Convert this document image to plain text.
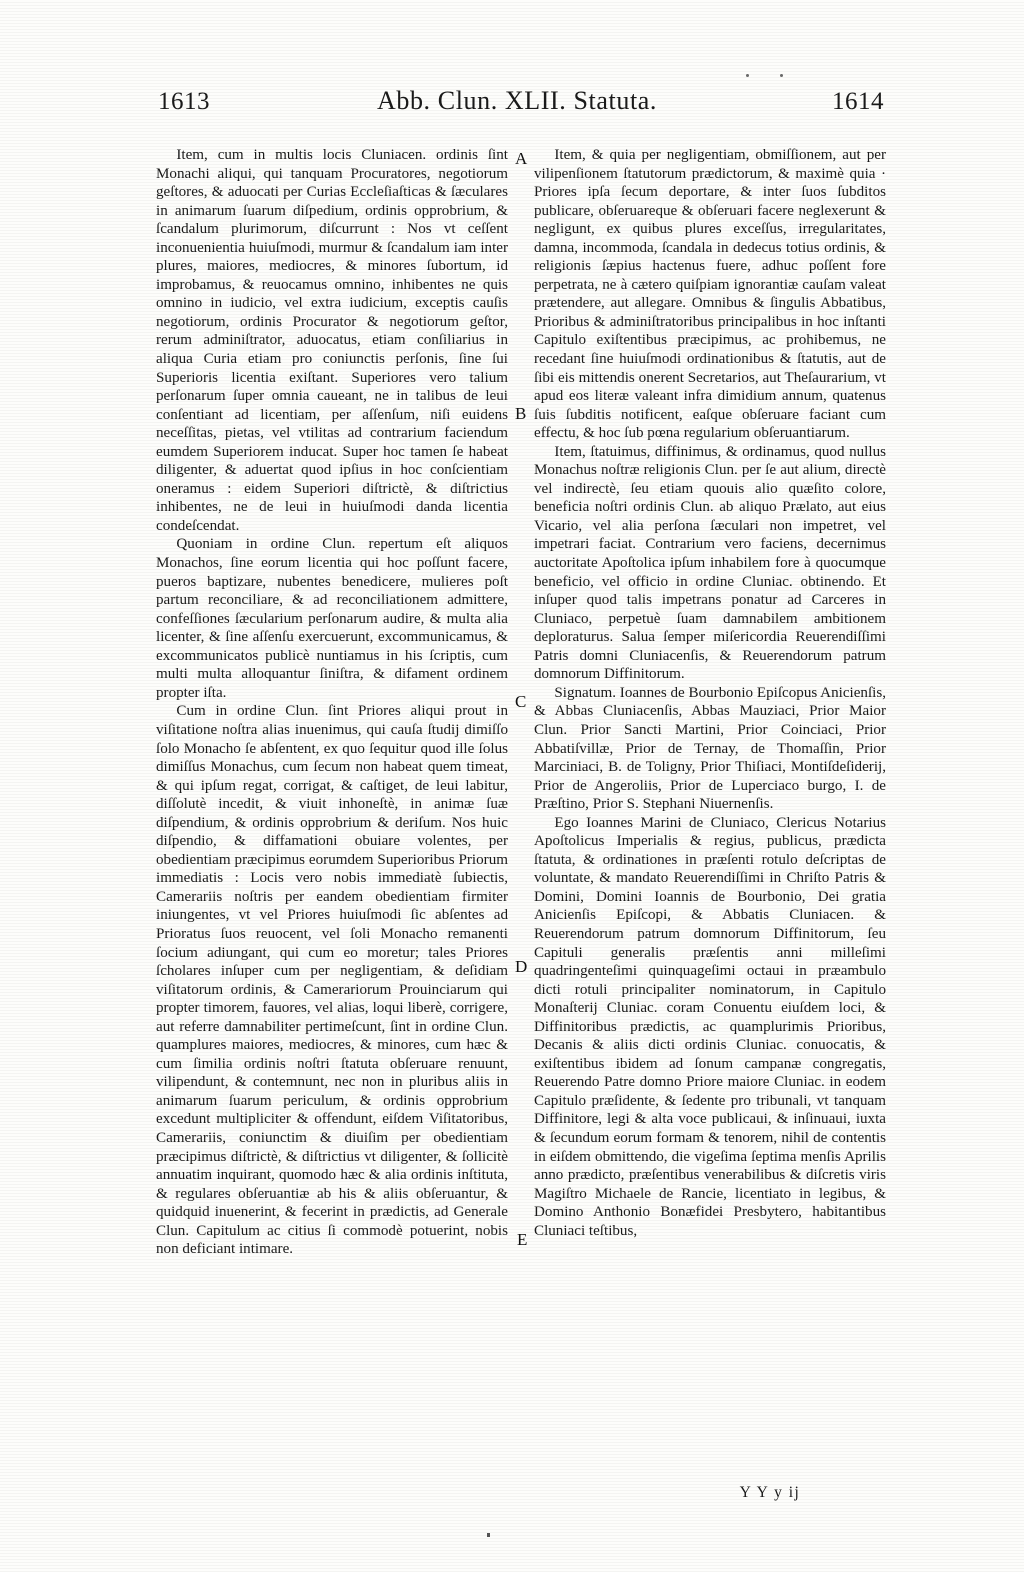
1613	Abb. Clun. XLII. Statuta.	1614

Item, cum in multis locis Cluniacen. ordinis ſint Monachi aliqui, qui tanquam Procuratores, negotiorum geſtores, & aduocati per Curias Eccleſiaſticas & ſæculares in animarum ſuarum diſpedium, ordinis opprobrium, & ſcandalum plurimorum, diſcurrunt : Nos vt ceſſent inconuenientia huiuſmodi, murmur & ſcandalum iam inter plures, maiores, mediocres, & minores ſubortum, id improbamus, & reuocamus omnino, inhibentes ne quis omnino in iudicio, vel extra iudicium, exceptis cauſis negotiorum, ordinis Procurator & negotiorum geſtor, rerum adminiſtrator, aduocatus, etiam conſiliarius in aliqua Curia etiam pro coniunctis perſonis, ſine ſui Superioris licentia exiſtant. Superiores vero talium perſonarum ſuper omnia caueant, ne in talibus de leui conſentiant ad licentiam, per aſſenſum, niſi euidens neceſſitas, pietas, vel vtilitas ad contrarium faciendum eumdem Superiorem inducat. Super hoc tamen ſe habeat diligenter, & aduertat quod ipſius in hoc conſcientiam oneramus : eidem Superiori diſtrictè, & diſtrictius inhibentes, ne de leui in huiuſmodi danda licentia condeſcendat.

Quoniam in ordine Clun. repertum eſt aliquos Monachos, ſine eorum licentia qui hoc poſſunt facere, pueros baptizare, nubentes benedicere, mulieres poſt partum reconciliare, & ad reconciliationem admittere, confeſſiones ſæcularium perſonarum audire, & multa alia licenter, & ſine aſſenſu exercuerunt, excommunicamus, & excommunicatos publicè nuntiamus in his ſcriptis, cum multi multa alloquantur ſiniſtra, & difament ordinem propter iſta.

Cum in ordine Clun. ſint Priores aliqui prout in viſitatione noſtra alias inuenimus, qui cauſa ſtudij dimiſſo ſolo Monacho ſe abſentent, ex quo ſequitur quod ille ſolus dimiſſus Monachus, cum ſecum non habeat quem timeat, & qui ipſum regat, corrigat, & caſtiget, de leui labitur, diſſolutè incedit, & viuit inhoneſtè, in animæ ſuæ diſpendium, & ordinis opprobrium & deriſum. Nos huic diſpendio, & diffamationi obuiare volentes, per obedientiam præcipimus eorumdem Superioribus Priorum immediatis : Locis vero nobis immediatè ſubiectis, Camerariis noſtris per eandem obedientiam firmiter iniungentes, vt vel Priores huiuſmodi ſic abſentes ad Prioratus ſuos reuocent, vel ſoli Monacho remanenti ſocium adiungant, qui cum eo moretur; tales Priores ſcholares inſuper cum per negligentiam, & deſidiam viſitatorum ordinis, & Camerariorum Prouinciarum qui propter timorem, fauores, vel alias, loqui liberè, corrigere, aut referre damnabiliter pertimeſcunt, ſint in ordine Clun. quamplures maiores, mediocres, & minores, cum hæc & cum ſimilia ordinis noſtri ſtatuta obſeruare renuunt, vilipendunt, & contemnunt, nec non in pluribus aliis in animarum ſuarum periculum, & ordinis opprobrium excedunt multipliciter & offendunt, eiſdem Viſitatoribus, Camerariis, coniunctim & diuiſim per obedientiam præcipimus diſtrictè, & diſtrictius vt diligenter, & ſollicitè annuatim inquirant, quomodo hæc & alia ordinis inſtituta, & regulares obſeruantiæ ab his & aliis obſeruantur, & quidquid inuenerint, & fecerint in prædictis, ad Generale Clun. Capitulum ac citius ſi commodè potuerint, nobis non deficiant intimare.

Item, & quia per negligentiam, obmiſſionem, aut per vilipenſionem ſtatutorum prædictorum, & maximè quia · Priores ipſa ſecum deportare, & inter ſuos ſubditos publicare, obſeruareque & obſeruari facere neglexerunt & negligunt, ex quibus plures exceſſus, irregularitates, damna, incommoda, ſcandala in dedecus totius ordinis, & religionis ſæpius hactenus fuere, adhuc poſſent fore perpetrata, ne à cætero quiſpiam ignorantiæ cauſam valeat prætendere, aut allegare. Omnibus & ſingulis Abbatibus, Prioribus & adminiſtratoribus principalibus in hoc inſtanti Capitulo exiſtentibus præcipimus, ac prohibemus, ne recedant ſine huiuſmodi ordinationibus & ſtatutis, aut de ſibi eis mittendis onerent Secretarios, aut Theſaurarium, vt apud eos literæ valeant infra dimidium annum, quatenus ſuis ſubditis notificent, eaſque obſeruare faciant cum effectu, & hoc ſub pœna regularium obſeruantiarum.

Item, ſtatuimus, diffinimus, & ordinamus, quod nullus Monachus noſtræ religionis Clun. per ſe aut alium, directè vel indirectè, ſeu etiam quouis alio quæſito colore, beneficia noſtri ordinis Clun. ab aliquo Prælato, aut eius Vicario, vel alia perſona ſæculari non impetret, vel impetrari faciat. Contrarium vero faciens, decernimus auctoritate Apoſtolica ipſum inhabilem fore à quocumque beneficio, vel officio in ordine Cluniac. obtinendo. Et inſuper quod talis impetrans ponatur ad Carceres in Cluniaco, perpetuè ſuam damnabilem ambitionem deploraturus. Salua ſemper miſericordia Reuerendiſſimi Patris domni Cluniacenſis, & Reuerendorum patrum domnorum Diffinitorum.

Signatum. Ioannes de Bourbonio Epiſcopus Anicienſis, & Abbas Cluniacenſis, Abbas Mauziaci, Prior Maior Clun. Prior Sancti Martini, Prior Coinciaci, Prior Abbatiſvillæ, Prior de Ternay, de Thomaſſin, Prior Marciniaci, B. de Toligny, Prior Thiſiaci, Montiſdeſiderij, Prior de Angeroliis, Prior de Luperciaco burgo, I. de Præſtino, Prior S. Stephani Niuernenſis.

Ego Ioannes Marini de Cluniaco, Clericus Notarius Apoſtolicus Imperialis & regius, publicus, prædicta ſtatuta, & ordinationes in præſenti rotulo deſcriptas de voluntate, & mandato Reuerendiſſimi in Chriſto Patris & Domini, Domini Ioannis de Bourbonio, Dei gratia Anicienſis Epiſcopi, & Abbatis Cluniacen. & Reuerendorum patrum domnorum Diffinitorum, ſeu Capituli generalis præſentis anni milleſimi quadringenteſimi quinquageſimi octaui in præambulo dicti rotuli principaliter nominatorum, in Capitulo Monaſterij Cluniac. coram Conuentu eiuſdem loci, & Diffinitoribus prædictis, ac quamplurimis Prioribus, Decanis & aliis dicti ordinis Cluniac. conuocatis, & exiſtentibus ibidem ad ſonum campanæ congregatis, Reuerendo Patre domno Priore maiore Cluniac. in eodem Capitulo præſidente, & ſedente pro tribunali, vt tanquam Diffinitore, legi & alta voce publicaui, & inſinuaui, iuxta & ſecundum eorum formam & tenorem, nihil de contentis in eiſdem obmittendo, die vigeſima ſeptima menſis Aprilis anno prædicto, præſentibus venerabilibus & diſcretis viris Magiſtro Michaele de Rancie, licentiato in legibus, & Domino Anthonio Bonæfidei Presbytero, habitantibus Cluniaci teſtibus,

A
B
C
D
E
Y Y y ij
